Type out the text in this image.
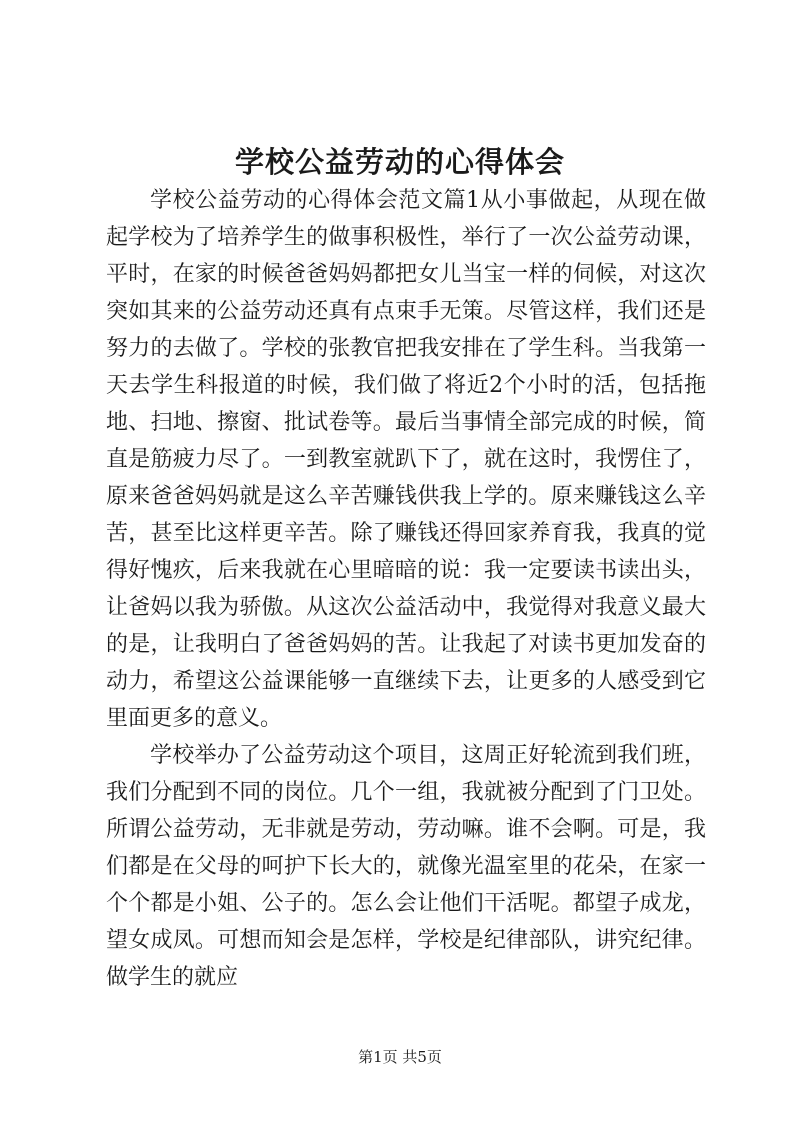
学校公益劳动的心得体会

学校公益劳动的心得体会范文篇1从小事做起，从现在做起学校为了培养学生的做事积极性，举行了一次公益劳动课，平时，在家的时候爸爸妈妈都把女儿当宝一样的伺候，对这次突如其来的公益劳动还真有点束手无策。尽管这样，我们还是努力的去做了。学校的张教官把我安排在了学生科。当我第一天去学生科报道的时候，我们做了将近2个小时的活，包括拖地、扫地、擦窗、批试卷等。最后当事情全部完成的时候，简直是筋疲力尽了。一到教室就趴下了，就在这时，我愣住了，原来爸爸妈妈就是这么辛苦赚钱供我上学的。原来赚钱这么辛苦，甚至比这样更辛苦。除了赚钱还得回家养育我，我真的觉得好愧疚，后来我就在心里暗暗的说：我一定要读书读出头，让爸妈以我为骄傲。从这次公益活动中，我觉得对我意义最大的是，让我明白了爸爸妈妈的苦。让我起了对读书更加发奋的动力，希望这公益课能够一直继续下去，让更多的人感受到它里面更多的意义。

学校举办了公益劳动这个项目，这周正好轮流到我们班，我们分配到不同的岗位。几个一组，我就被分配到了门卫处。所谓公益劳动，无非就是劳动，劳动嘛。谁不会啊。可是，我们都是在父母的呵护下长大的，就像光温室里的花朵，在家一个个都是小姐、公子的。怎么会让他们干活呢。都望子成龙，望女成凤。可想而知会是怎样，学校是纪律部队，讲究纪律。做学生的就应

第1页 共5页
